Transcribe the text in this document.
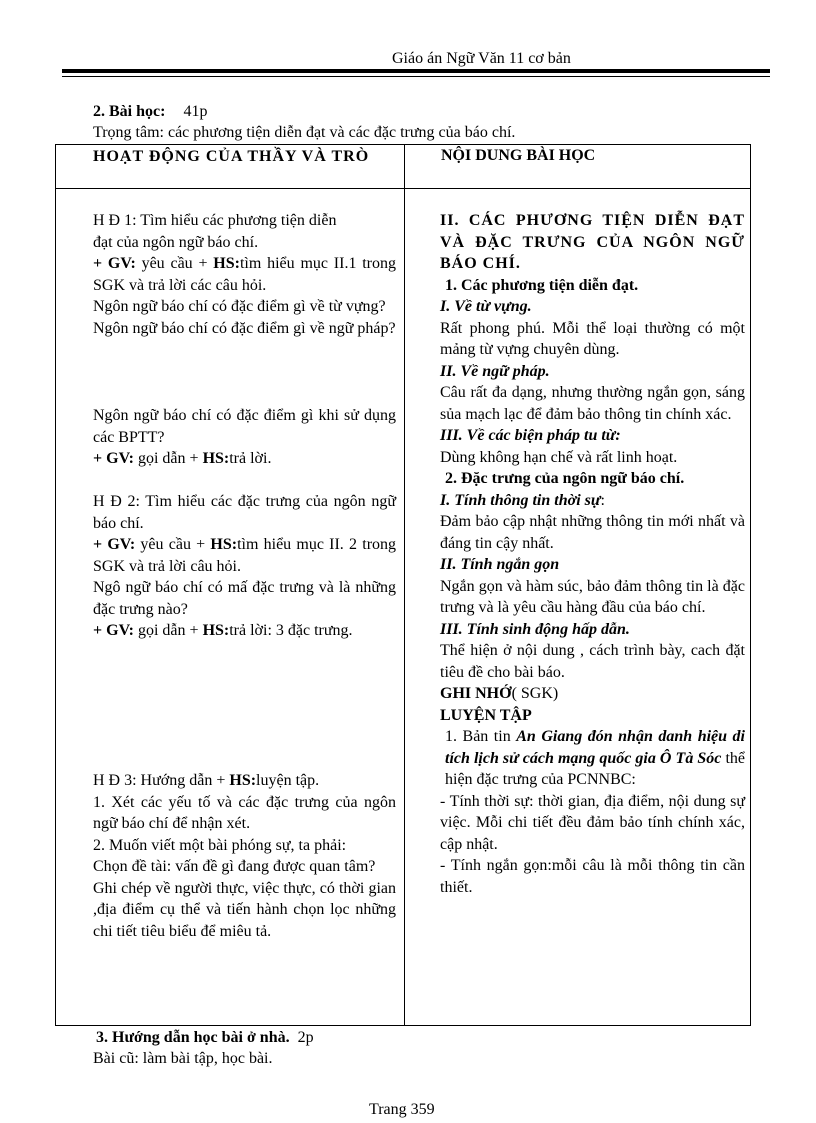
Giáo án Ngữ Văn 11 cơ bản
2. Bài học: 41p
Trọng tâm: các phương tiện diễn đạt và các đặc trưng của báo chí.
HOẠT ĐỘNG CỦA THẦY VÀ TRÒ	NỘI DUNG BÀI HỌC

H Đ 1: Tìm hiểu các phương tiện diễn
đạt của ngôn ngữ báo chí.

+ GV: yêu cầu + HS:tìm hiểu mục II.1 trong SGK và trả lời các câu hỏi.

Ngôn ngữ báo chí có đặc điểm gì về từ vựng?

Ngôn ngữ báo chí có đặc điểm gì về ngữ pháp?

Ngôn ngữ báo chí có đặc điểm gì khi sử dụng các BPTT?

+ GV: gọi dẫn + HS:trả lời.

H Đ 2: Tìm hiểu các đặc trưng của ngôn ngữ báo chí.

+ GV: yêu cầu + HS:tìm hiểu mục II. 2 trong SGK và trả lời câu hỏi.

Ngô ngữ báo chí có mấ đặc trưng và là những đặc trưng nào?

+ GV: gọi dẫn + HS:trả lời: 3 đặc trưng.

H Đ 3: Hướng dẫn + HS:luyện tập.

1. Xét các yếu tố và các đặc trưng của ngôn ngữ báo chí để nhận xét.

2. Muốn viết một bài phóng sự, ta phải:

Chọn đề tài: vấn đề gì đang được quan tâm?

Ghi chép về người thực, việc thực, có thời gian ,địa điểm cụ thể và tiến hành chọn lọc những chi tiết tiêu biểu để miêu tả.

II. CÁC PHƯƠNG TIỆN DIỄN ĐẠT VÀ ĐẶC TRƯNG CỦA NGÔN NGỮ BÁO CHÍ.

1. Các phương tiện diễn đạt.

I. Về từ vựng.

Rất phong phú. Mỗi thể loại thường có một mảng từ vựng chuyên dùng.

II. Về ngữ pháp.

Câu rất đa dạng, nhưng thường ngắn gọn, sáng sủa mạch lạc để đảm bảo thông tin chính xác.

III. Về các biện pháp tu từ:

Dùng không hạn chế và rất linh hoạt.

2. Đặc trưng của ngôn ngữ báo chí.

I. Tính thông tin thời sự:

Đảm bảo cập nhật những thông tin mới nhất và đáng tin cậy nhất.

II. Tính ngắn gọn

Ngắn gọn và hàm súc, bảo đảm thông tin là đặc trưng và là yêu cầu hàng đầu của báo chí.

III. Tính sinh động hấp dẫn.

Thể hiện ở nội dung , cách trình bày, cach đặt tiêu đề cho bài báo.

GHI NHỚ( SGK)

LUYỆN TẬP

1. Bản tin An Giang đón nhận danh hiệu di tích lịch sử cách mạng quốc gia Ô Tà Sóc thể hiện đặc trưng của PCNNBC:

- Tính thời sự: thời gian, địa điểm, nội dung sự việc. Mỗi chi tiết đều đảm bảo tính chính xác, cập nhật.

- Tính ngắn gọn:mỗi câu là mỗi thông tin cần thiết.

3. Hướng dẫn học bài ở nhà. 2p
Bài cũ: làm bài tập, học bài.
Trang 359
